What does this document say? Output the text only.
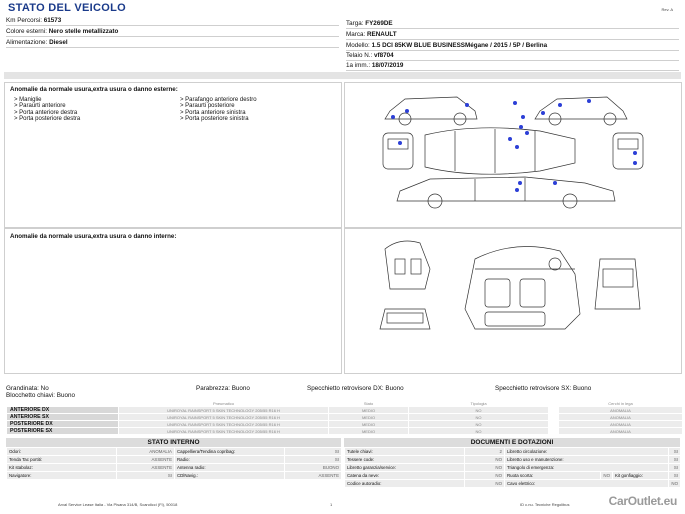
STATO DEL VEICOLO	Rev. A
Km Percorsi: 61573
Colore esterni: Nero stelle metallizzato
Alimentazione: Diesel
Targa: FY269DE
Marca: RENAULT
Modello: 1.5 DCI 85KW BLUE BUSINESSMégane / 2015 / 5P / Berlina
Telaio N.: vf8704
1a imm.: 18/07/2019
Anomalie da normale usura,extra usura o danno esterne:
> Maniglie
> Paraurti anteriore
> Porta anteriore destra
> Porta posteriore destra
> Parafango anteriore destro
> Paraurti posteriore
> Porta anteriore sinistra
> Porta posteriore sinistra
Anomalie da normale usura,extra usura o danno interne:
Grandinata: No	Parabrezza: Buono	Specchietto retrovisore DX: Buono	Specchietto retrovisore SX: Buono
Blocchetto chiavi: Buono
	Pneumatico	Stato	Tipologia		Cerchi in lega
ANTERIORE DX	UNIROYAL RAINSPORT 5 SKIN TECHNOLOGY 205/55 R16 H	MEDIO	NO		ANOMALIA
ANTERIORE SX	UNIROYAL RAINSPORT 5 SKIN TECHNOLOGY 205/55 R16 H	MEDIO	NO		ANOMALIA
POSTERIORE DX	UNIROYAL RAINSPORT 5 SKIN TECHNOLOGY 205/55 R16 H	MEDIO	NO		ANOMALIA
POSTERIORE SX	UNIROYAL RAINSPORT 5 SKIN TECHNOLOGY 205/55 R16 H	MEDIO	NO		ANOMALIA
STATO INTERNO
Odori:	ANOMALIA	Cappelliera/Tendina copribag:	SI
Tenda Tac portiti:	ASSENTE	Radio:	SI
Kit stabolaz:	ASSENTE	Antenna radio:	BUONO
Navigatore:	SI	CDlNavig.:	ASSENTE
DOCUMENTI E DOTAZIONI
Tutele chiavi:	2	Libretto circolazione:			SI
Tessere code:	NO	Libretto uso e manutenzione:			SI
Libretto garanzia/service:	NO	Triangolo di emergenza:			SI
Catena da neve:	NO	Ruota scorta:	NO	Kit gonfiaggio:	SI
Codice autoradio:	NO	Cavo elettrico:			NO
Arval Service Lease Italia - Via Pisana 314/B, Scandicci (FI), 50018	1	ID c.nu. Tecniche Regolibus	CarOutlet.eu
